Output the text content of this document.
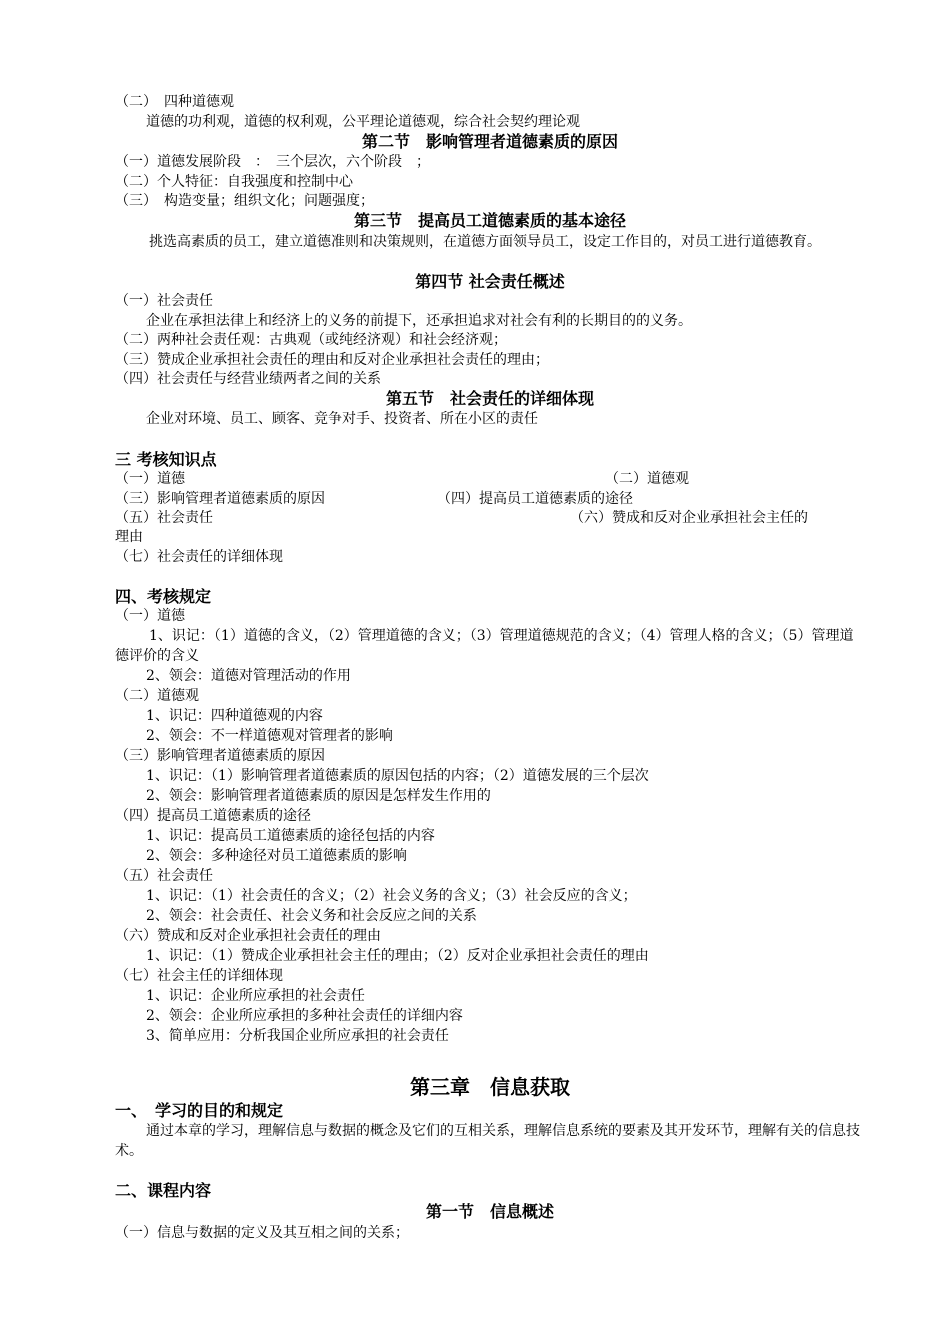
（二）　四种道德观
道德的功利观，道德的权利观，公平理论道德观，综合社会契约理论观
第二节　影响管理者道德素质的原因
（一）道德发展阶段　：　三个层次，六个阶段　；
（二）个人特征：自我强度和控制中心
（三）　构造变量；组织文化；问题强度；
第三节　提高员工道德素质的基本途径
挑选高素质的员工，建立道德准则和决策规则，在道德方面领导员工，设定工作目的，对员工进行道德教育。
第四节 社会责任概述
（一）社会责任
企业在承担法律上和经济上的义务的前提下，还承担追求对社会有利的长期目的的义务。
（二）两种社会责任观：古典观（或纯经济观）和社会经济观；
（三）赞成企业承担社会责任的理由和反对企业承担社会责任的理由；
（四）社会责任与经营业绩两者之间的关系
第五节　社会责任的详细体现
企业对环境、员工、顾客、竞争对手、投资者、所在小区的责任
三 考核知识点
（一）道德	（二）道德观
（三）影响管理者道德素质的原因	（四）提高员工道德素质的途径
（五）社会责任	（六）赞成和反对企业承担社会主任的
理由
（七）社会责任的详细体现
四、考核规定
（一）道德
1、识记：（1）道德的含义，（2）管理道德的含义；（3）管理道德规范的含义；（4）管理人格的含义；（5）管理道德评价的含义
2、领会：道德对管理活动的作用
（二）道德观
1、识记：四种道德观的内容
2、领会：不一样道德观对管理者的影响
（三）影响管理者道德素质的原因
1、识记：（1）影响管理者道德素质的原因包括的内容；（2）道德发展的三个层次
2、领会：影响管理者道德素质的原因是怎样发生作用的
（四）提高员工道德素质的途径
1、识记：提高员工道德素质的途径包括的内容
2、领会：多种途径对员工道德素质的影响
（五）社会责任
1、识记：（1）社会责任的含义；（2）社会义务的含义；（3）社会反应的含义；
2、领会：社会责任、社会义务和社会反应之间的关系
（六）赞成和反对企业承担社会责任的理由
1、识记：（1）赞成企业承担社会主任的理由；（2）反对企业承担社会责任的理由
（七）社会主任的详细体现
1、识记：企业所应承担的社会责任
2、领会：企业所应承担的多种社会责任的详细内容
3、简单应用：分析我国企业所应承担的社会责任
第三章　信息获取
一、　学习的目的和规定
通过本章的学习，理解信息与数据的概念及它们的互相关系，理解信息系统的要素及其开发环节，理解有关的信息技术。
二、课程内容
第一节　信息概述
（一）信息与数据的定义及其互相之间的关系；
